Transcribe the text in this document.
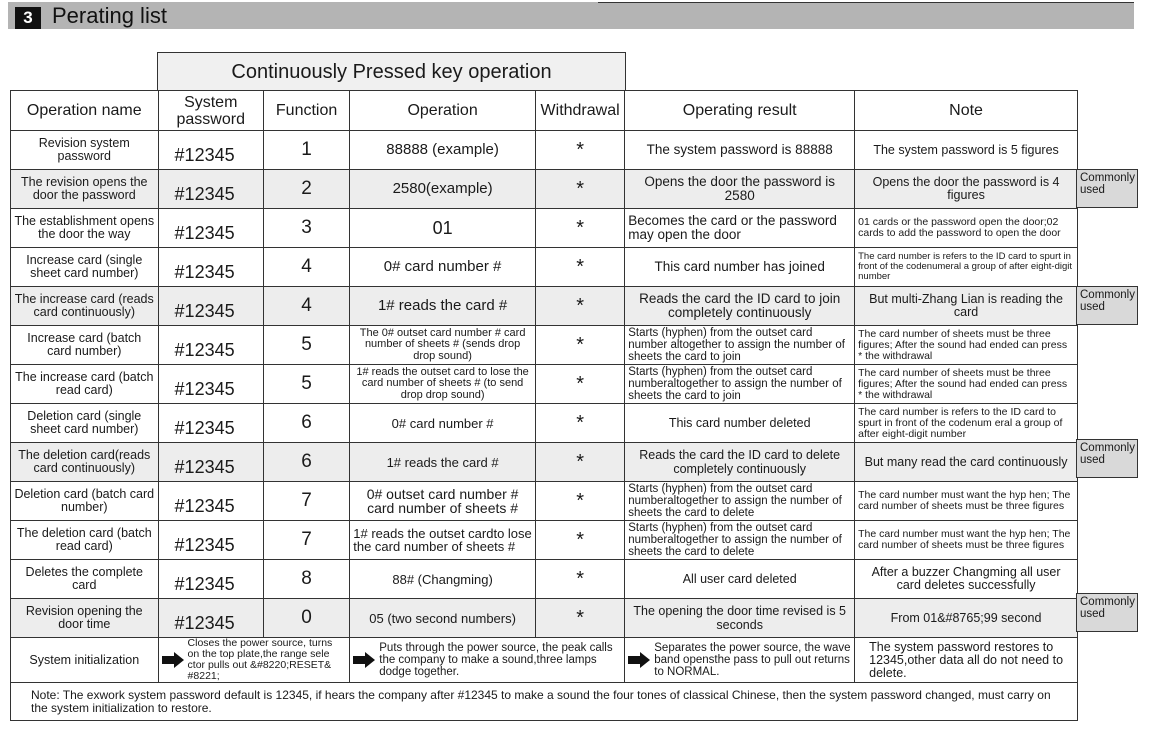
3 Perating list
Continuously Pressed key operation
Operation name	System password	Function	Operation	Withdrawal	Operating result	Note
Revision system password	#12345	1	88888 (example)	*	The system password is 88888	The system password is 5 figures
The revision opens the door the password	#12345	2	2580(example)	*	Opens the door the password is 2580	Opens the door the password is 4 figures
The establishment opens the door the way	#12345	3	01	*	Becomes the card or the password may open the door	01 cards or the password open the door;02 cards to add the password to open the door
Increase card (single sheet card number)	#12345	4	0# card number #	*	This card number has joined	The card number is refers to the ID card to spurt in front of the codenumeral a group of after eight-digit number
The increase card (reads card continuously)	#12345	4	1# reads the card #	*	Reads the card the ID card to join completely continuously	But multi-Zhang Lian is reading the card
Increase card (batch card number)	#12345	5	The 0# outset card number # card number of sheets # (sends drop drop sound)	*	Starts (hyphen) from the outset card number altogether to assign the number of sheets the card to join	The card number of sheets must be three figures; After the sound had ended can press * the withdrawal
The increase card (batch read card)	#12345	5	1# reads the outset card to lose the card number of sheets # (to send drop drop sound)	*	Starts (hyphen) from the outset card numberaltogether to assign the number of sheets the card to join	The card number of sheets must be three figures; After the sound had ended can press * the withdrawal
Deletion card (single sheet card number)	#12345	6	0# card number #	*	This card number deleted	The card number is refers to the ID card to spurt in front of the codenum eral a group of after eight-digit number
The deletion card(reads card continuously)	#12345	6	1# reads the card #	*	Reads the card the ID card to delete completely continuously	But many read the card continuously
Deletion card (batch card number)	#12345	7	0# outset card number # card number of sheets #	*	Starts (hyphen) from the outset card numberaltogether to assign the number of sheets the card to delete	The card number must want the hyp hen; The card number of sheets must be three figures
The deletion card (batch read card)	#12345	7	1# reads the outset cardto lose the card number of sheets #	*	Starts (hyphen) from the outset card numberaltogether to assign the number of sheets the card to delete	The card number must want the hyp hen; The card number of sheets must be three figures
Deletes the complete card	#12345	8	88# (Changming)	*	All user card deleted	After a buzzer Changming all user card deletes successfully
Revision opening the door time	#12345	0	05 (two second numbers)	*	The opening the door time revised is 5 seconds	From 01&#8765;99 second
System initialization	Closes the power source, turns on the top plate,the range sele ctor pulls out &#8220;RESET& #8221;		Puts through the power source, the peak calls the company to make a sound,three lamps dodge together.		Separates the power source, the wave band opensthe pass to pull out returns to NORMAL.	The system password restores to 12345,other data all do not need to delete.
Note: The exwork system password default is 12345, if hears the company after #12345 to make a sound the four tones of classical Chinese, then the system password changed, must carry on the system initialization to restore.						
Commonly used
Commonly used
Commonly used
Commonly used
